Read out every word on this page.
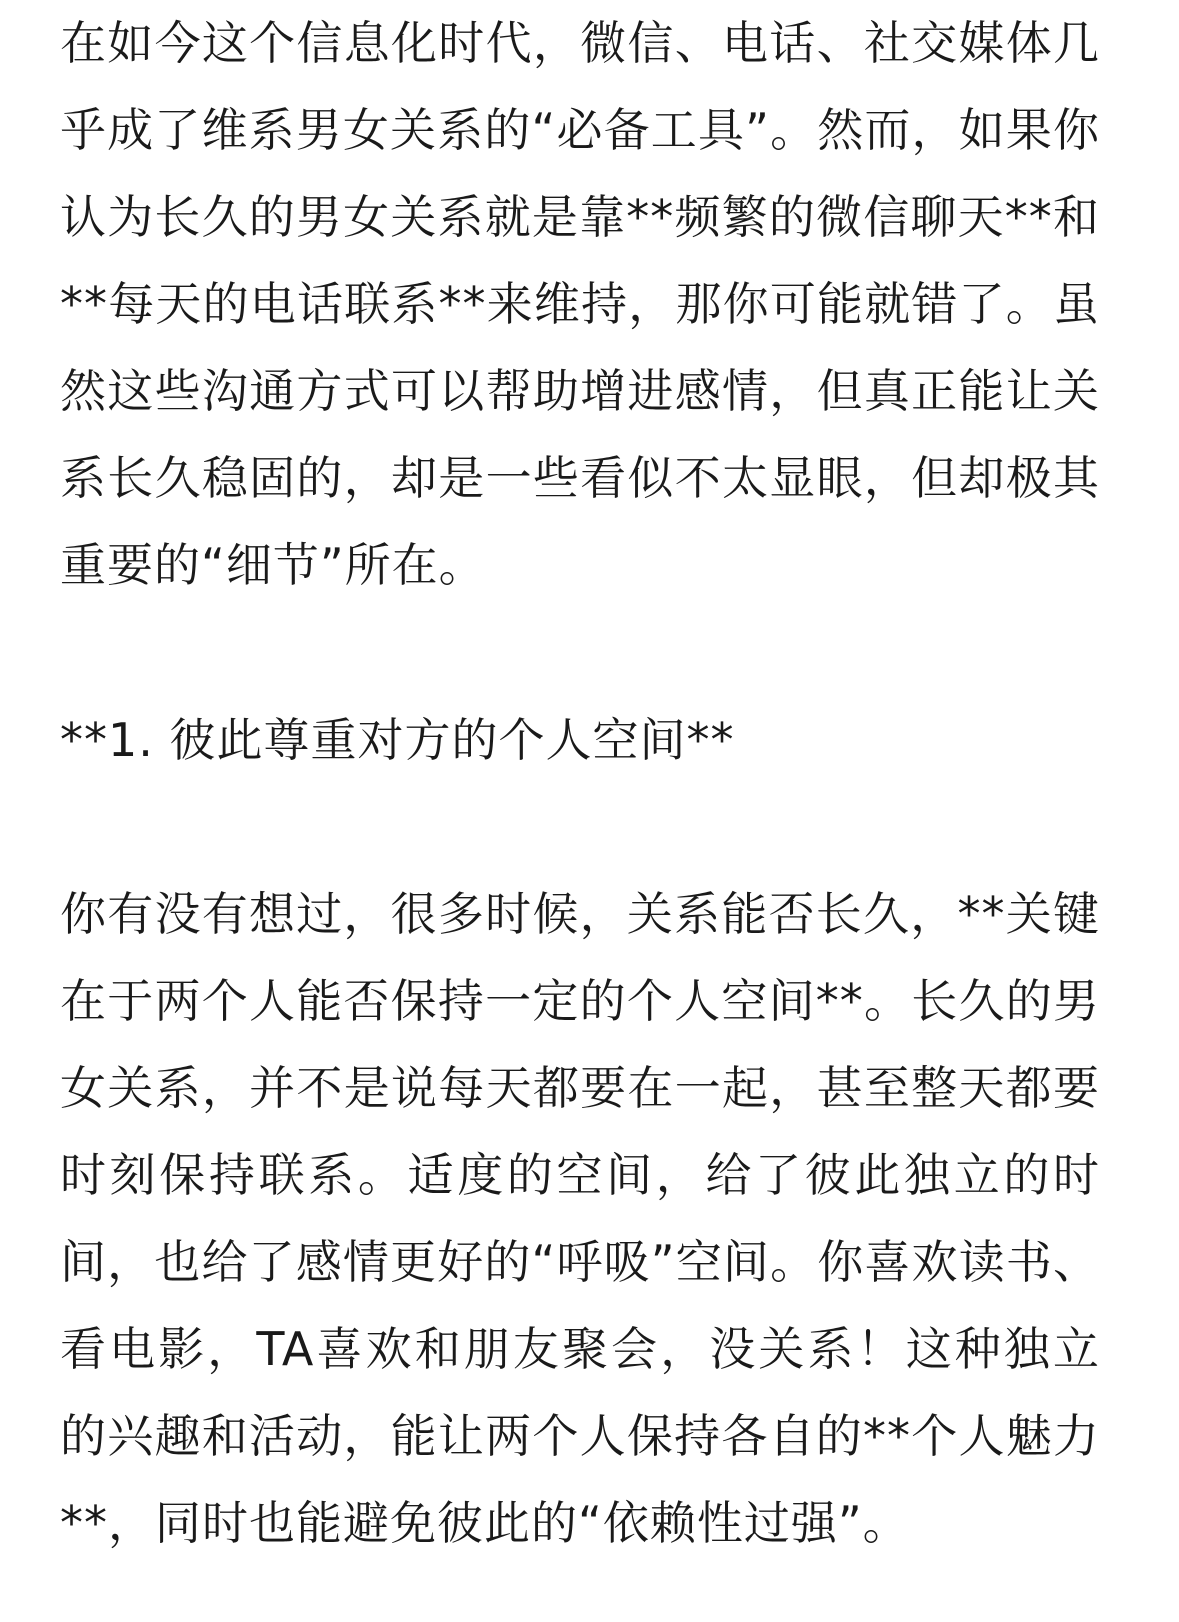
在如今这个信息化时代，微信、电话、社交媒体几乎成了维系男女关系的“必备工具”。然而，如果你认为长久的男女关系就是靠**频繁的微信聊天**和**每天的电话联系**来维持，那你可能就错了。虽然这些沟通方式可以帮助增进感情，但真正能让关系长久稳固的，却是一些看似不太显眼，但却极其重要的“细节”所在。

**1. 彼此尊重对方的个人空间**

你有没有想过，很多时候，关系能否长久，**关键在于两个人能否保持一定的个人空间**。长久的男女关系，并不是说每天都要在一起，甚至整天都要时刻保持联系。适度的空间，给了彼此独立的时间，也给了感情更好的“呼吸”空间。你喜欢读书、看电影，TA喜欢和朋友聚会，没关系！这种独立的兴趣和活动，能让两个人保持各自的**个人魅力**，同时也能避免彼此的“依赖性过强”。
